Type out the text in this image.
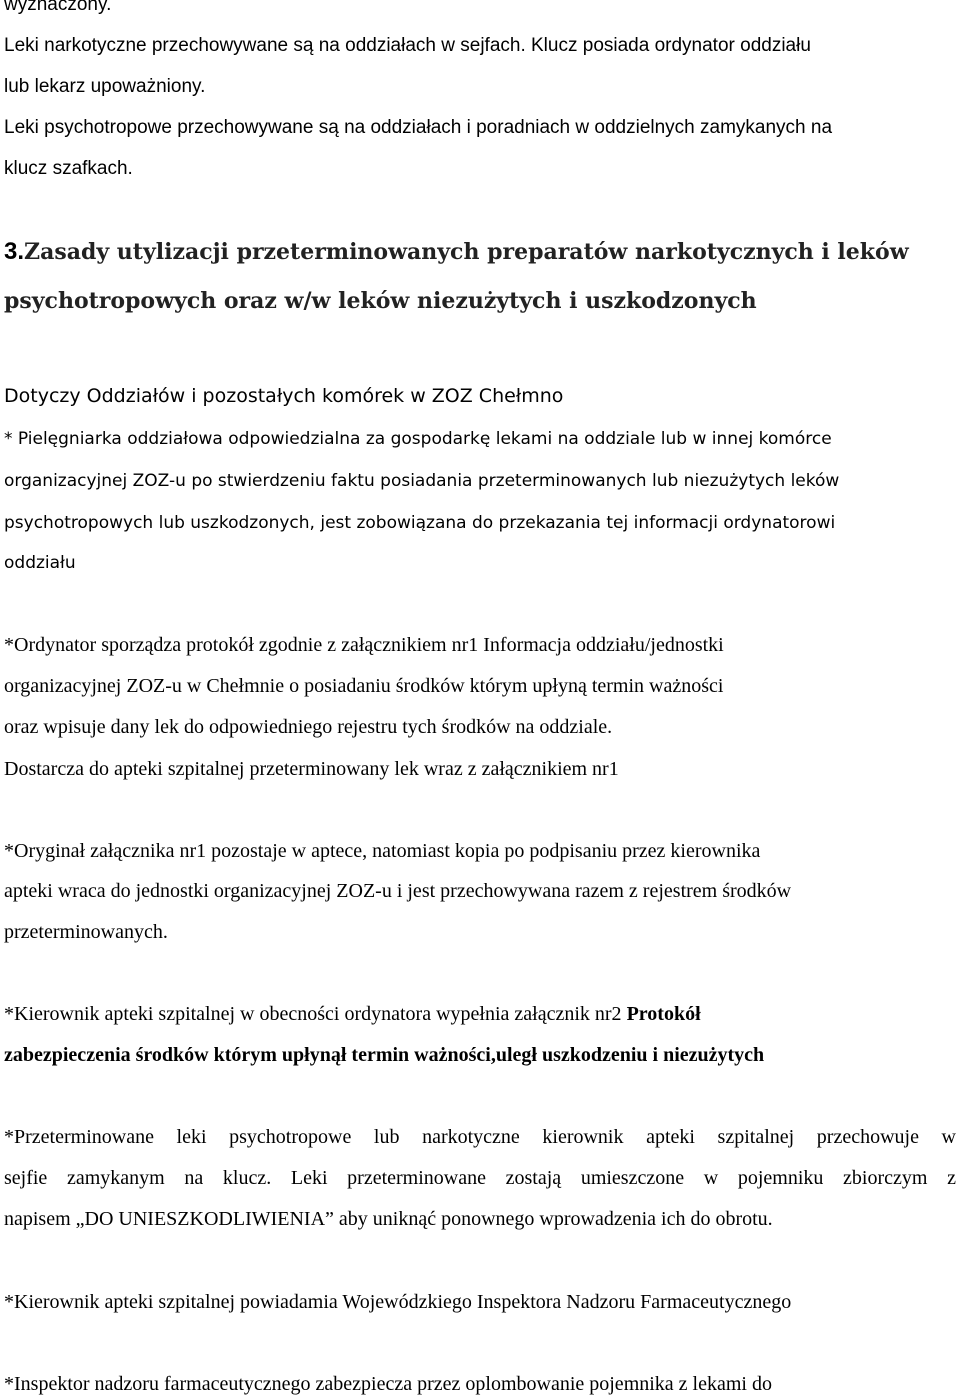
wyznaczony.

Leki narkotyczne przechowywane są na oddziałach w sejfach. Klucz posiada ordynator oddziału

lub lekarz upoważniony.

Leki psychotropowe przechowywane są na oddziałach i poradniach w oddzielnych zamykanych na

klucz szafkach.

3.Zasady utylizacji przeterminowanych preparatów narkotycznych i leków

psychotropowych oraz w/w leków niezużytych i uszkodzonych

Dotyczy Oddziałów i pozostałych komórek w ZOZ Chełmno

* Pielęgniarka oddziałowa odpowiedzialna za gospodarkę lekami na oddziale lub w innej komórce

organizacyjnej ZOZ-u po stwierdzeniu faktu posiadania przeterminowanych lub niezużytych leków

psychotropowych lub uszkodzonych, jest zobowiązana do przekazania tej informacji ordynatorowi

oddziału

*Ordynator sporządza protokół zgodnie z załącznikiem nr1 Informacja oddziału/jednostki

organizacyjnej ZOZ-u w Chełmnie o posiadaniu środków którym upłyną termin ważności

oraz wpisuje dany lek do odpowiedniego rejestru tych środków na oddziale.

Dostarcza do apteki szpitalnej przeterminowany lek wraz z załącznikiem nr1

*Oryginał załącznika nr1 pozostaje w aptece, natomiast kopia po podpisaniu przez kierownika

apteki wraca do jednostki organizacyjnej ZOZ-u i jest przechowywana razem z rejestrem środków

przeterminowanych.

*Kierownik apteki szpitalnej w obecności ordynatora wypełnia załącznik nr2 Protokół

zabezpieczenia środków którym upłynął termin ważności,uległ uszkodzeniu i niezużytych

*Przeterminowane leki psychotropowe lub narkotyczne kierownik apteki szpitalnej przechowuje w

sejfie zamykanym na klucz. Leki przeterminowane zostają umieszczone w pojemniku zbiorczym z

napisem „DO UNIESZKODLIWIENIA” aby uniknąć ponownego wprowadzenia ich do obrotu.

*Kierownik apteki szpitalnej powiadamia Wojewódzkiego Inspektora Nadzoru Farmaceutycznego

*Inspektor nadzoru farmaceutycznego zabezpiecza przez oplombowanie pojemnika z lekami do
